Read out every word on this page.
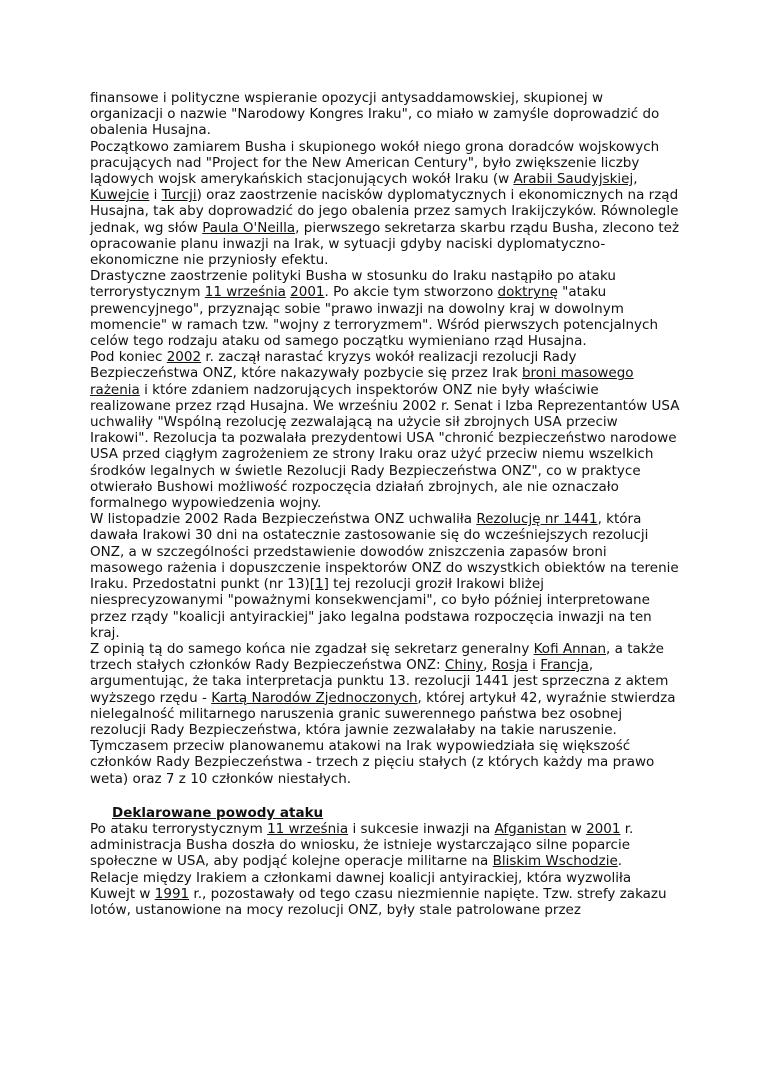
finansowe i polityczne wspieranie opozycji antysaddamowskiej, skupionej w organizacji o nazwie "Narodowy Kongres Iraku", co miało w zamyśle doprowadzić do obalenia Husajna.

Początkowo zamiarem Busha i skupionego wokół niego grona doradców wojskowych pracujących nad "Project for the New American Century", było zwiększenie liczby lądowych wojsk amerykańskich stacjonujących wokół Iraku (w Arabii Saudyjskiej, Kuwejcie i Turcji) oraz zaostrzenie nacisków dyplomatycznych i ekonomicznych na rząd Husajna, tak aby doprowadzić do jego obalenia przez samych Irakijczyków. Równolegle jednak, wg słów Paula O'Neilla, pierwszego sekretarza skarbu rządu Busha, zlecono też opracowanie planu inwazji na Irak, w sytuacji gdyby naciski dyplomatyczno-ekonomiczne nie przyniosły efektu.

Drastyczne zaostrzenie polityki Busha w stosunku do Iraku nastąpiło po ataku terrorystycznym 11 września 2001. Po akcie tym stworzono doktrynę "ataku prewencyjnego", przyznając sobie "prawo inwazji na dowolny kraj w dowolnym momencie" w ramach tzw. "wojny z terroryzmem". Wśród pierwszych potencjalnych celów tego rodzaju ataku od samego początku wymieniano rząd Husajna.

Pod koniec 2002 r. zaczął narastać kryzys wokół realizacji rezolucji Rady Bezpieczeństwa ONZ, które nakazywały pozbycie się przez Irak broni masowego rażenia i które zdaniem nadzorujących inspektorów ONZ nie były właściwie realizowane przez rząd Husajna. We wrześniu 2002 r. Senat i Izba Reprezentantów USA uchwaliły "Wspólną rezolucję zezwalającą na użycie sił zbrojnych USA przeciw Irakowi". Rezolucja ta pozwalała prezydentowi USA "chronić bezpieczeństwo narodowe USA przed ciągłym zagrożeniem ze strony Iraku oraz użyć przeciw niemu wszelkich środków legalnych w świetle Rezolucji Rady Bezpieczeństwa ONZ", co w praktyce otwierało Bushowi możliwość rozpoczęcia działań zbrojnych, ale nie oznaczało formalnego wypowiedzenia wojny.

W listopadzie 2002 Rada Bezpieczeństwa ONZ uchwaliła Rezolucję nr 1441, która dawała Irakowi 30 dni na ostatecznie zastosowanie się do wcześniejszych rezolucji ONZ, a w szczególności przedstawienie dowodów zniszczenia zapasów broni masowego rażenia i dopuszczenie inspektorów ONZ do wszystkich obiektów na terenie Iraku. Przedostatni punkt (nr 13)[1] tej rezolucji groził Irakowi bliżej niesprecyzowanymi "poważnymi konsekwencjami", co było później interpretowane przez rządy "koalicji antyirackiej" jako legalna podstawa rozpoczęcia inwazji na ten kraj.

Z opinią tą do samego końca nie zgadzał się sekretarz generalny Kofi Annan, a także trzech stałych członków Rady Bezpieczeństwa ONZ: Chiny, Rosja i Francja, argumentując, że taka interpretacja punktu 13. rezolucji 1441 jest sprzeczna z aktem wyższego rzędu - Kartą Narodów Zjednoczonych, której artykuł 42, wyraźnie stwierdza nielegalność militarnego naruszenia granic suwerennego państwa bez osobnej rezolucji Rady Bezpieczeństwa, która jawnie zezwalałaby na takie naruszenie. Tymczasem przeciw planowanemu atakowi na Irak wypowiedziała się większość członków Rady Bezpieczeństwa - trzech z pięciu stałych (z których każdy ma prawo weta) oraz 7 z 10 członków niestałych.

Deklarowane powody ataku

Po ataku terrorystycznym 11 września i sukcesie inwazji na Afganistan w 2001 r. administracja Busha doszła do wniosku, że istnieje wystarczająco silne poparcie społeczne w USA, aby podjąć kolejne operacje militarne na Bliskim Wschodzie.

Relacje między Irakiem a członkami dawnej koalicji antyirackiej, która wyzwoliła Kuwejt w 1991 r., pozostawały od tego czasu niezmiennie napięte. Tzw. strefy zakazu lotów, ustanowione na mocy rezolucji ONZ, były stale patrolowane przez
